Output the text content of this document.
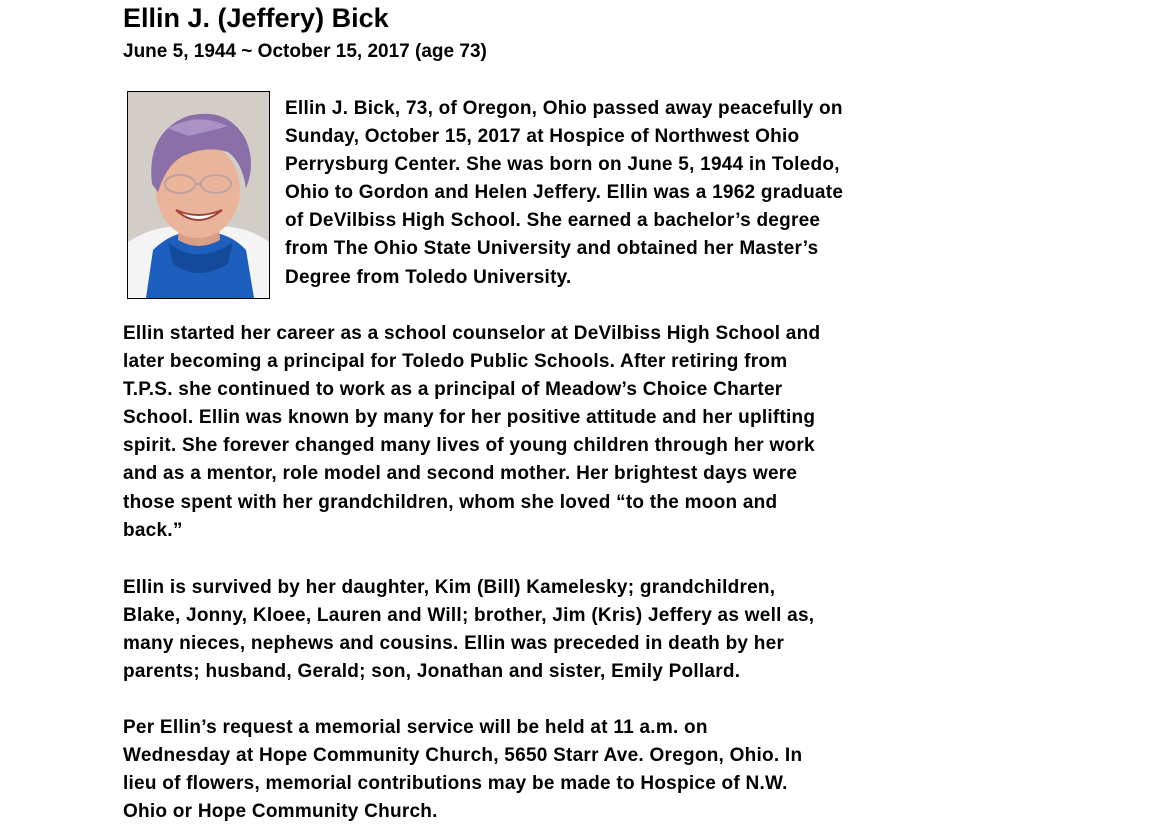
Ellin J. (Jeffery) Bick
June 5, 1944 ~ October 15, 2017 (age 73)
Ellin J. Bick, 73, of Oregon, Ohio passed away peacefully on
Sunday, October 15, 2017 at Hospice of Northwest Ohio
Perrysburg Center. She was born on June 5, 1944 in Toledo,
Ohio to Gordon and Helen Jeffery. Ellin was a 1962 graduate
of DeVilbiss High School. She earned a bachelor’s degree
from The Ohio State University and obtained her Master’s
Degree from Toledo University.
Ellin started her career as a school counselor at DeVilbiss High School and
later becoming a principal for Toledo Public Schools. After retiring from
T.P.S. she continued to work as a principal of Meadow’s Choice Charter
School. Ellin was known by many for her positive attitude and her uplifting
spirit. She forever changed many lives of young children through her work
and as a mentor, role model and second mother. Her brightest days were
those spent with her grandchildren, whom she loved “to the moon and
back.”
Ellin is survived by her daughter, Kim (Bill) Kamelesky; grandchildren,
Blake, Jonny, Kloee, Lauren and Will; brother, Jim (Kris) Jeffery as well as,
many nieces, nephews and cousins. Ellin was preceded in death by her
parents; husband, Gerald; son, Jonathan and sister, Emily Pollard.
Per Ellin’s request a memorial service will be held at 11 a.m. on
Wednesday at Hope Community Church, 5650 Starr Ave. Oregon, Ohio. In
lieu of flowers, memorial contributions may be made to Hospice of N.W.
Ohio or Hope Community Church.
